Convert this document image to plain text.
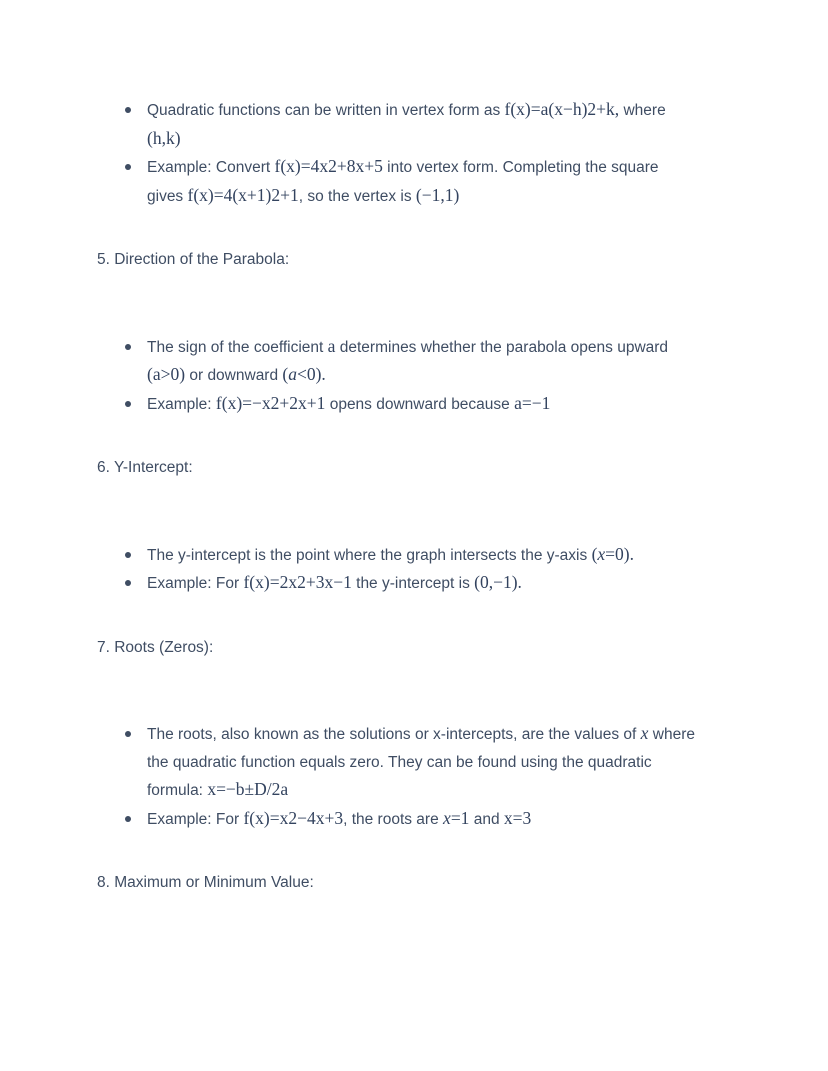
Quadratic functions can be written in vertex form as f(x)=a(x−h)2+k, where
(h,k)
Example: Convert f(x)=4x2+8x+5 into vertex form. Completing the square
gives f(x)=4(x+1)2+1, so the vertex is (−1,1)
5. Direction of the Parabola:
The sign of the coefficient a determines whether the parabola opens upward
(a>0) or downward (a<0).
Example: f(x)=−x2+2x+1 opens downward because a=−1
6. Y-Intercept:
The y-intercept is the point where the graph intersects the y-axis (x=0).
Example: For f(x)=2x2+3x−1 the y-intercept is (0,−1).
7. Roots (Zeros):
The roots, also known as the solutions or x-intercepts, are the values of x where
the quadratic function equals zero. They can be found using the quadratic
formula: x=−b±D/2a
Example: For f(x)=x2−4x+3, the roots are x=1 and x=3
8. Maximum or Minimum Value:
